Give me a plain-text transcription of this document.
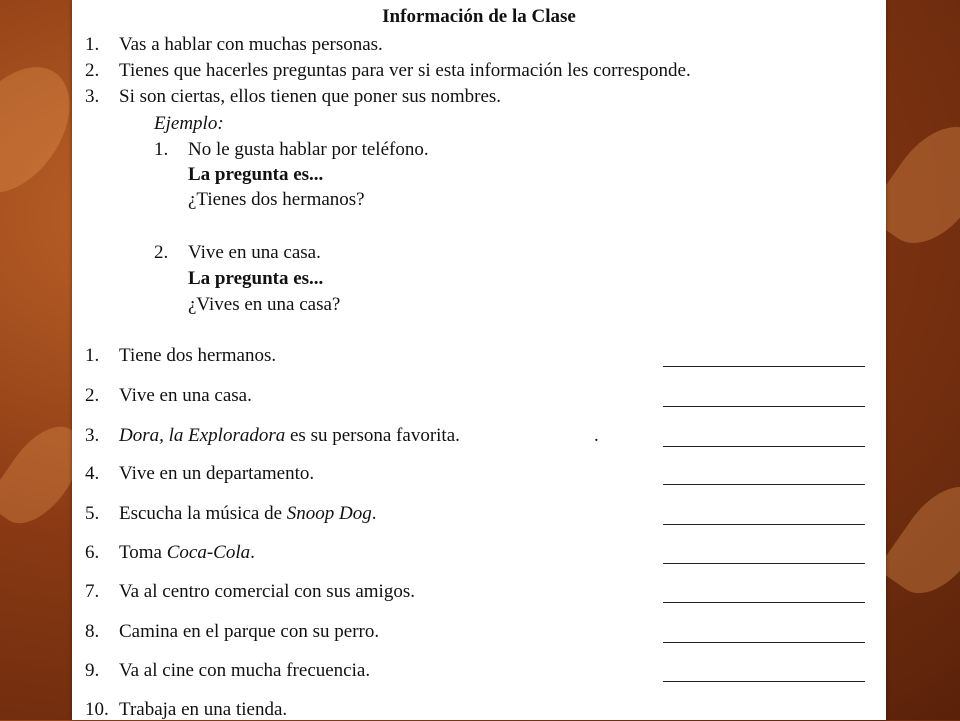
Información de la Clase
1. Vas a hablar con muchas personas.
2. Tienes que hacerles preguntas para ver si esta información les corresponde.
3. Si son ciertas, ellos tienen que poner sus nombres.
Ejemplo:
1. No le gusta hablar por teléfono.
La pregunta es...
¿Tienes dos hermanos?
2. Vive en una casa.
La pregunta es...
¿Vives en una casa?
1. Tiene dos hermanos.
2. Vive en una casa.
3. Dora, la Exploradora es su persona favorita.	.
4. Vive en un departamento.
5. Escucha la música de Snoop Dog.
6. Toma Coca-Cola.
7. Va al centro comercial con sus amigos.
8. Camina en el parque con su perro.
9. Va al cine con mucha frecuencia.
10. Trabaja en una tienda.
